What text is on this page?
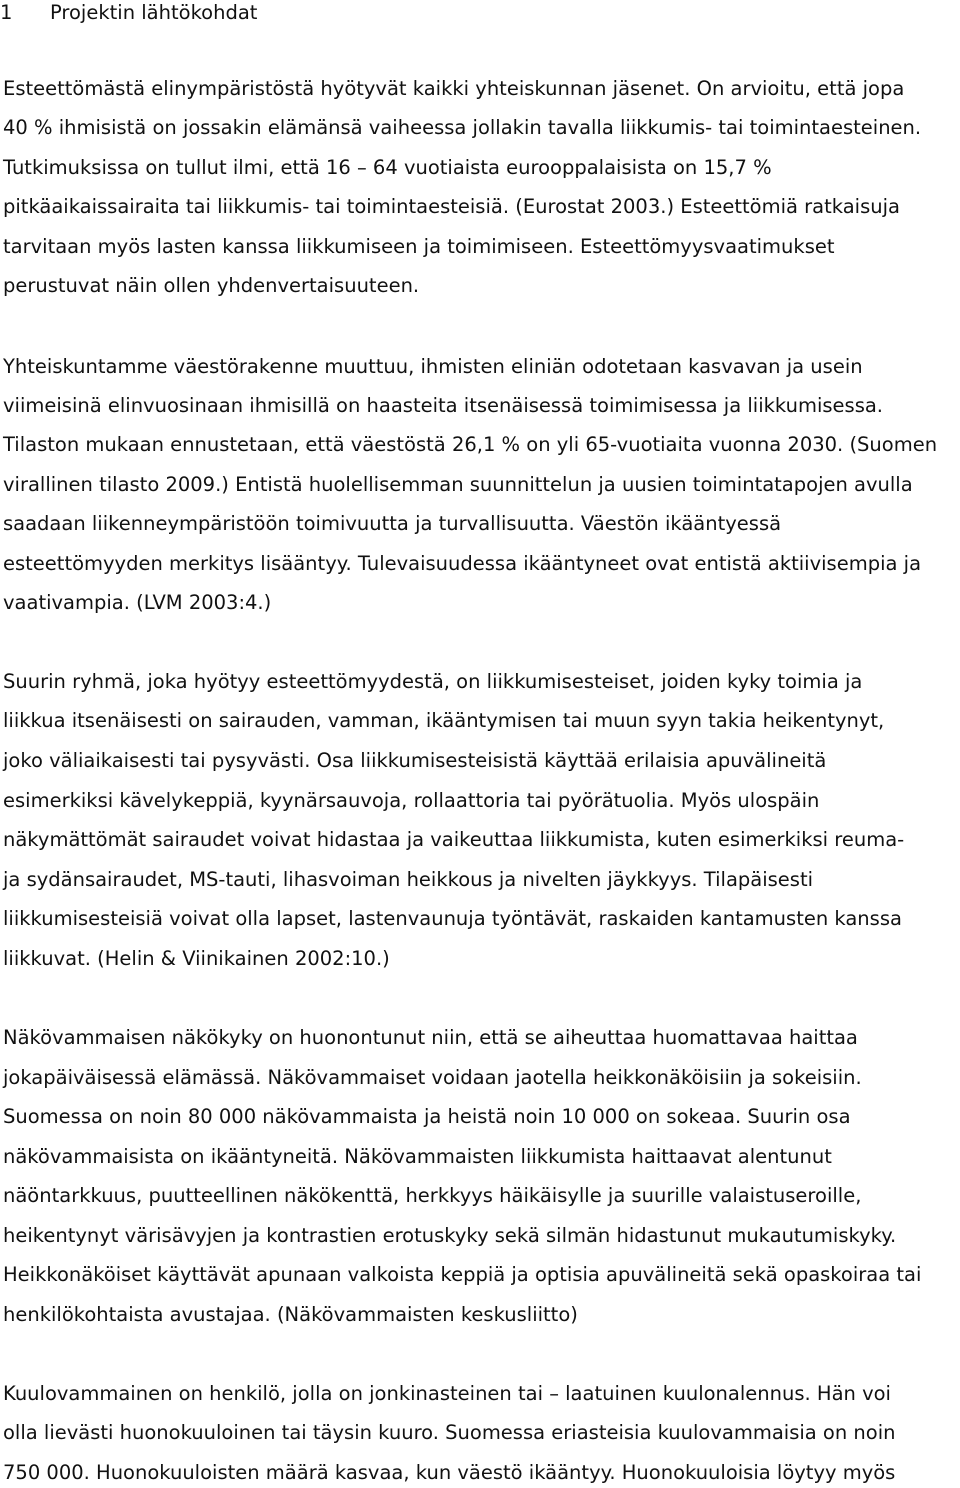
1 Projektin lähtökohdat
Esteettömästä elinympäristöstä hyötyvät kaikki yhteiskunnan jäsenet. On arvioitu, että jopa
40 % ihmisistä on jossakin elämänsä vaiheessa jollakin tavalla liikkumis- tai toimintaesteinen.
Tutkimuksissa on tullut ilmi, että 16 – 64 vuotiaista eurooppalaisista on 15,7 %
pitkäaikaissairaita tai liikkumis- tai toimintaesteisiä. (Eurostat 2003.) Esteettömiä ratkaisuja
tarvitaan myös lasten kanssa liikkumiseen ja toimimiseen. Esteettömyysvaatimukset
perustuvat näin ollen yhdenvertaisuuteen.
Yhteiskuntamme väestörakenne muuttuu, ihmisten eliniän odotetaan kasvavan ja usein
viimeisinä elinvuosinaan ihmisillä on haasteita itsenäisessä toimimisessa ja liikkumisessa.
Tilaston mukaan ennustetaan, että väestöstä 26,1 % on yli 65-vuotiaita vuonna 2030. (Suomen
virallinen tilasto 2009.) Entistä huolellisemman suunnittelun ja uusien toimintatapojen avulla
saadaan liikenneympäristöön toimivuutta ja turvallisuutta. Väestön ikääntyessä
esteettömyyden merkitys lisääntyy. Tulevaisuudessa ikääntyneet ovat entistä aktiivisempia ja
vaativampia. (LVM 2003:4.)
Suurin ryhmä, joka hyötyy esteettömyydestä, on liikkumisesteiset, joiden kyky toimia ja
liikkua itsenäisesti on sairauden, vamman, ikääntymisen tai muun syyn takia heikentynyt,
joko väliaikaisesti tai pysyvästi. Osa liikkumisesteisistä käyttää erilaisia apuvälineitä
esimerkiksi kävelykeppiä, kyynärsauvoja, rollaattoria tai pyörätuolia. Myös ulospäin
näkymättömät sairaudet voivat hidastaa ja vaikeuttaa liikkumista, kuten esimerkiksi reuma-
ja sydänsairaudet, MS-tauti, lihasvoiman heikkous ja nivelten jäykkyys. Tilapäisesti
liikkumisesteisiä voivat olla lapset, lastenvaunuja työntävät, raskaiden kantamusten kanssa
liikkuvat. (Helin & Viinikainen 2002:10.)
Näkövammaisen näkökyky on huonontunut niin, että se aiheuttaa huomattavaa haittaa
jokapäiväisessä elämässä. Näkövammaiset voidaan jaotella heikkonäköisiin ja sokeisiin.
Suomessa on noin 80 000 näkövammaista ja heistä noin 10 000 on sokeaa. Suurin osa
näkövammaisista on ikääntyneitä. Näkövammaisten liikkumista haittaavat alentunut
näöntarkkuus, puutteellinen näkökenttä, herkkyys häikäisylle ja suurille valaistuseroille,
heikentynyt värisävyjen ja kontrastien erotuskyky sekä silmän hidastunut mukautumiskyky.
Heikkonäköiset käyttävät apunaan valkoista keppiä ja optisia apuvälineitä sekä opaskoiraa tai
henkilökohtaista avustajaa. (Näkövammaisten keskusliitto)
Kuulovammainen on henkilö, jolla on jonkinasteinen tai – laatuinen kuulonalennus. Hän voi
olla lievästi huonokuuloinen tai täysin kuuro. Suomessa eriasteisia kuulovammaisia on noin
750 000. Huonokuuloisten määrä kasvaa, kun väestö ikääntyy. Huonokuuloisia löytyy myös
